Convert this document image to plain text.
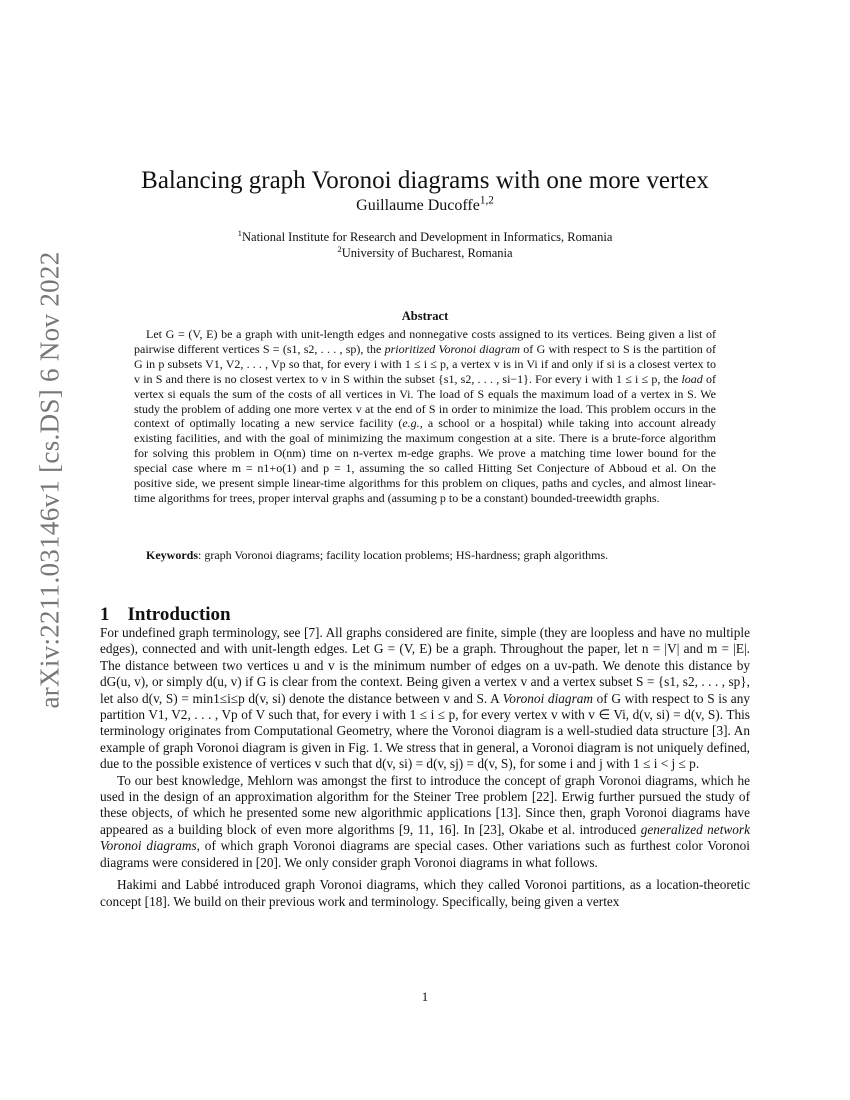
arXiv:2211.03146v1 [cs.DS] 6 Nov 2022
Balancing graph Voronoi diagrams with one more vertex
Guillaume Ducoffe$^{1,2}$
$^1$National Institute for Research and Development in Informatics, Romania
$^2$University of Bucharest, Romania
Abstract

Let G = (V, E) be a graph with unit-length edges and nonnegative costs assigned to its vertices. Being given a list of pairwise different vertices S = (s1, s2, . . . , sp), the prioritized Voronoi diagram of G with respect to S is the partition of G in p subsets V1, V2, . . . , Vp so that, for every i with 1 ≤ i ≤ p, a vertex v is in Vi if and only if si is a closest vertex to v in S and there is no closest vertex to v in S within the subset {s1, s2, . . . , si−1}. For every i with 1 ≤ i ≤ p, the load of vertex si equals the sum of the costs of all vertices in Vi. The load of S equals the maximum load of a vertex in S. We study the problem of adding one more vertex v at the end of S in order to minimize the load. This problem occurs in the context of optimally locating a new service facility (e.g., a school or a hospital) while taking into account already existing facilities, and with the goal of minimizing the maximum congestion at a site. There is a brute-force algorithm for solving this problem in O(nm) time on n-vertex m-edge graphs. We prove a matching time lower bound for the special case where m = n1+o(1) and p = 1, assuming the so called Hitting Set Conjecture of Abboud et al. On the positive side, we present simple linear-time algorithms for this problem on cliques, paths and cycles, and almost linear-time algorithms for trees, proper interval graphs and (assuming p to be a constant) bounded-treewidth graphs.

Keywords: graph Voronoi diagrams; facility location problems; HS-hardness; graph algorithms.

1 Introduction

For undefined graph terminology, see [7]. All graphs considered are finite, simple (they are loopless and have no multiple edges), connected and with unit-length edges. Let G = (V, E) be a graph. Throughout the paper, let n = |V| and m = |E|. The distance between two vertices u and v is the minimum number of edges on a uv-path. We denote this distance by dG(u, v), or simply d(u, v) if G is clear from the context. Being given a vertex v and a vertex subset S = {s1, s2, . . . , sp}, let also d(v, S) = min1≤i≤p d(v, si) denote the distance between v and S. A Voronoi diagram of G with respect to S is any partition V1, V2, . . . , Vp of V such that, for every i with 1 ≤ i ≤ p, for every vertex v with v ∈ Vi, d(v, si) = d(v, S). This terminology originates from Computational Geometry, where the Voronoi diagram is a well-studied data structure [3]. An example of graph Voronoi diagram is given in Fig. 1. We stress that in general, a Voronoi diagram is not uniquely defined, due to the possible existence of vertices v such that d(v, si) = d(v, sj) = d(v, S), for some i and j with 1 ≤ i < j ≤ p.

To our best knowledge, Mehlorn was amongst the first to introduce the concept of graph Voronoi diagrams, which he used in the design of an approximation algorithm for the Steiner Tree problem [22]. Erwig further pursued the study of these objects, of which he presented some new algorithmic applications [13]. Since then, graph Voronoi diagrams have appeared as a building block of even more algorithms [9, 11, 16]. In [23], Okabe et al. introduced generalized network Voronoi diagrams, of which graph Voronoi diagrams are special cases. Other variations such as furthest color Voronoi diagrams were considered in [20]. We only consider graph Voronoi diagrams in what follows.

Hakimi and Labbé introduced graph Voronoi diagrams, which they called Voronoi partitions, as a location-theoretic concept [18]. We build on their previous work and terminology. Specifically, being given a vertex

1
